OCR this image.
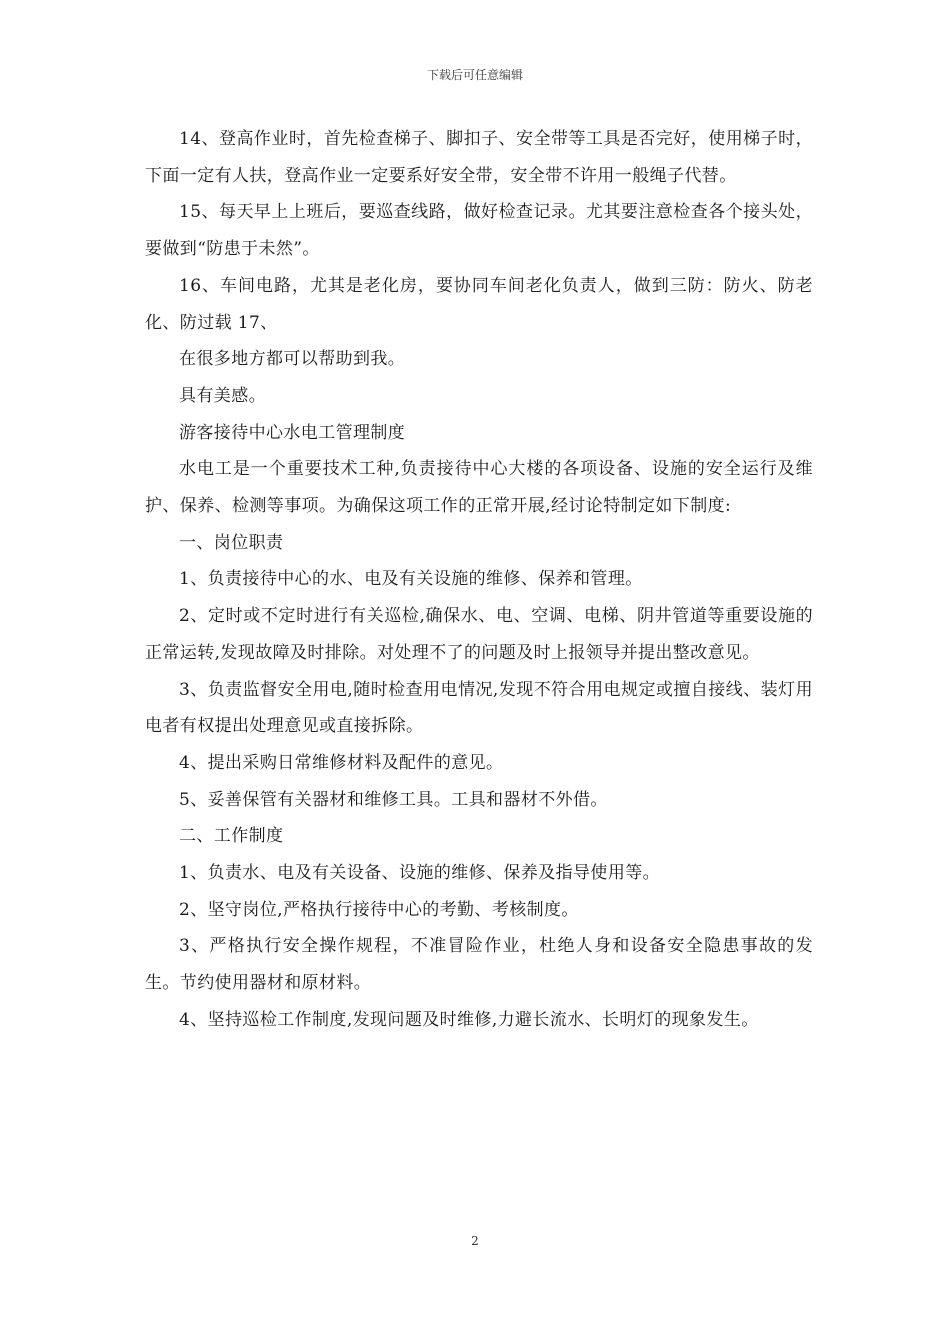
下载后可任意编辑

14、登高作业时，首先检查梯子、脚扣子、安全带等工具是否完好，使用梯子时，下面一定有人扶，登高作业一定要系好安全带，安全带不许用一般绳子代替。

15、每天早上上班后，要巡查线路，做好检查记录。尤其要注意检查各个接头处，要做到“防患于未然”。

16、车间电路，尤其是老化房，要协同车间老化负责人，做到三防：防火、防老化、防过载 17、

在很多地方都可以帮助到我。

具有美感。

游客接待中心水电工管理制度

水电工是一个重要技术工种,负责接待中心大楼的各项设备、设施的安全运行及维护、保养、检测等事项。为确保这项工作的正常开展,经讨论特制定如下制度:

一、岗位职责

1、负责接待中心的水、电及有关设施的维修、保养和管理。

2、定时或不定时进行有关巡检,确保水、电、空调、电梯、阴井管道等重要设施的正常运转,发现故障及时排除。对处理不了的问题及时上报领导并提出整改意见。

3、负责监督安全用电,随时检查用电情况,发现不符合用电规定或擅自接线、装灯用电者有权提出处理意见或直接拆除。

4、提出采购日常维修材料及配件的意见。

5、妥善保管有关器材和维修工具。工具和器材不外借。

二、工作制度

1、负责水、电及有关设备、设施的维修、保养及指导使用等。

2、坚守岗位,严格执行接待中心的考勤、考核制度。

3、严格执行安全操作规程，不准冒险作业，杜绝人身和设备安全隐患事故的发生。节约使用器材和原材料。

4、坚持巡检工作制度,发现问题及时维修,力避长流水、长明灯的现象发生。

2
